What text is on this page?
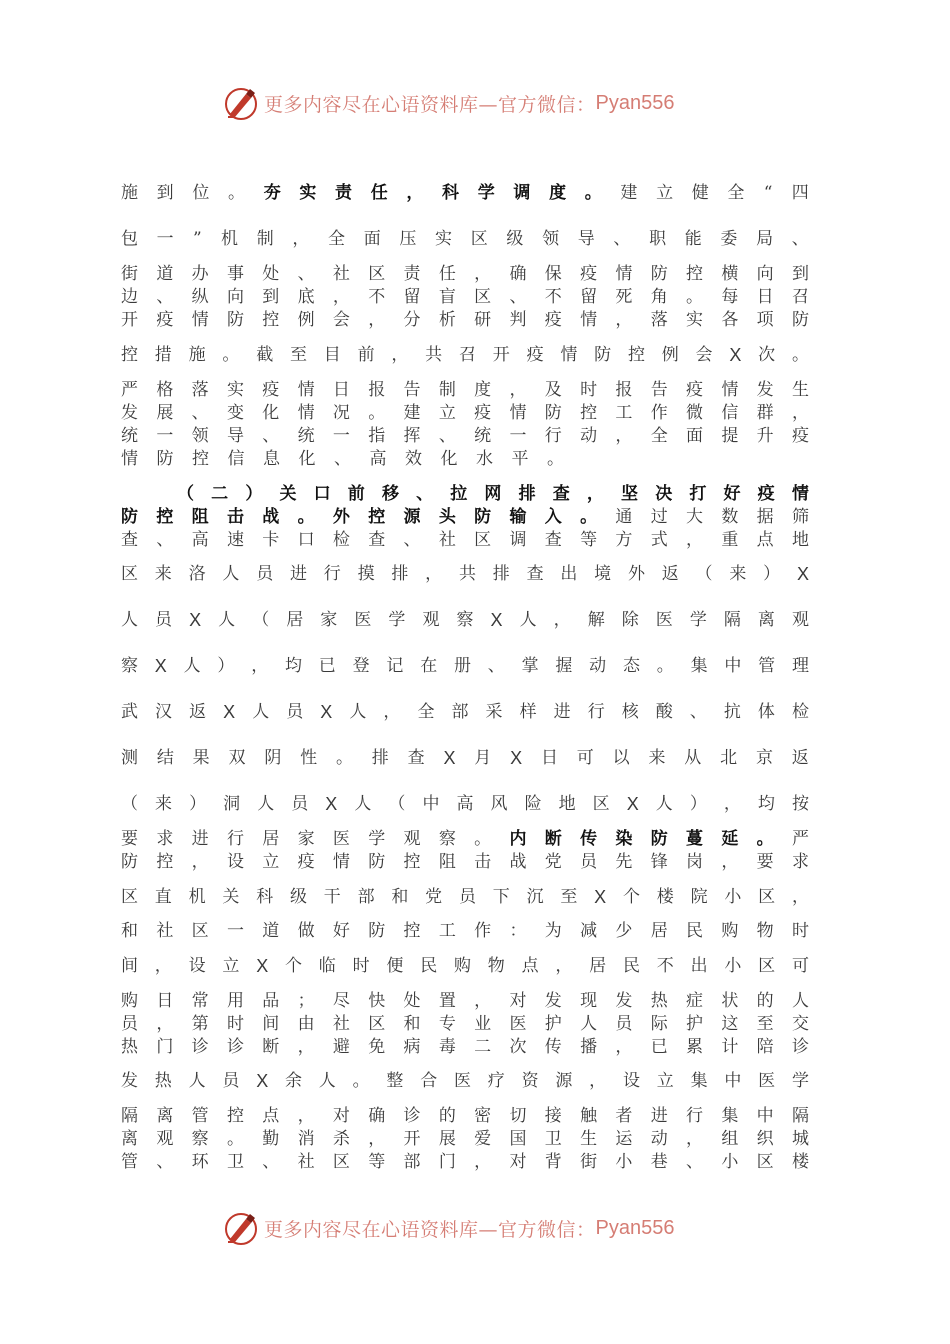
更多内容尽在心语资料库—官方微信： Pyan556
施 到 位 。 夯 实 责 任 ， 科 学 调 度 。 建 立 健 全 “ 四
包 一 ” 机 制 ， 全 面 压 实 区 级 领 导 、 职 能 委 局 、
街 道 办 事 处 、 社 区 责 任 ， 确 保 疫 情 防 控 横 向 到
边 、 纵 向 到 底 ， 不 留 盲 区 、 不 留 死 角 。 每 日 召
开 疫 情 防 控 例 会 ， 分 析 研 判 疫 情 ， 落 实 各 项 防
控 措 施 。 截 至 目 前 ， 共 召 开 疫 情 防 控 例 会 X 次 。
严 格 落 实 疫 情 日 报 告 制 度 ， 及 时 报 告 疫 情 发 生
发 展 、 变 化 情 况 。 建 立 疫 情 防 控 工 作 微 信 群 ，
统 一 领 导 、 统 一 指 挥 、 统 一 行 动 ， 全 面 提 升 疫
情 防 控 信 息 化 、 高 效 化 水 平 。
（ 二 ） 关 口 前 移 、 拉 网 排 查 ， 坚 决 打 好 疫 情
防 控 阻 击 战 。 外 控 源 头 防 输 入 。 通 过 大 数 据 筛
查 、 高 速 卡 口 检 查 、 社 区 调 查 等 方 式 ， 重 点 地
区 来 洛 人 员 进 行 摸 排 ， 共 排 查 出 境 外 返 （ 来 ） X
人 员 X 人 （ 居 家 医 学 观 察 X 人 ， 解 除 医 学 隔 离 观
察 X 人 ） ， 均 已 登 记 在 册 、 掌 握 动 态 。 集 中 管 理
武 汉 返 X 人 员 X 人 ， 全 部 采 样 进 行 核 酸 、 抗 体 检
测 结 果 双 阴 性 。 排 查 X 月 X 日 可 以 来 从 北 京 返
（ 来 ） 洞 人 员 X 人 （ 中 高 风 险 地 区 X 人 ） ， 均 按
要 求 进 行 居 家 医 学 观 察 。 内 断 传 染 防 蔓 延 。 严
防 控 ， 设 立 疫 情 防 控 阻 击 战 党 员 先 锋 岗 ， 要 求
区 直 机 关 科 级 干 部 和 党 员 下 沉 至 X 个 楼 院 小 区 ，
和 社 区 一 道 做 好 防 控 工 作 ： 为 减 少 居 民 购 物 时
间 ， 设 立 X 个 临 时 便 民 购 物 点 ， 居 民 不 出 小 区 可
购 日 常 用 品 ； 尽 快 处 置 ， 对 发 现 发 热 症 状 的 人
员 ， 第 时 间 由 社 区 和 专 业 医 护 人 员 际 护 这 至 交
热 门 诊 诊 断 ， 避 免 病 毒 二 次 传 播 ， 已 累 计 陪 诊
发 热 人 员 X 余 人 。 整 合 医 疗 资 源 ， 设 立 集 中 医 学
隔 离 管 控 点 ， 对 确 诊 的 密 切 接 触 者 进 行 集 中 隔
离 观 察 。 勤 消 杀 ， 开 展 爱 国 卫 生 运 动 ， 组 织 城
管 、 环 卫 、 社 区 等 部 门 ， 对 背 街 小 巷 、 小 区 楼
更多内容尽在心语资料库—官方微信： Pyan556
